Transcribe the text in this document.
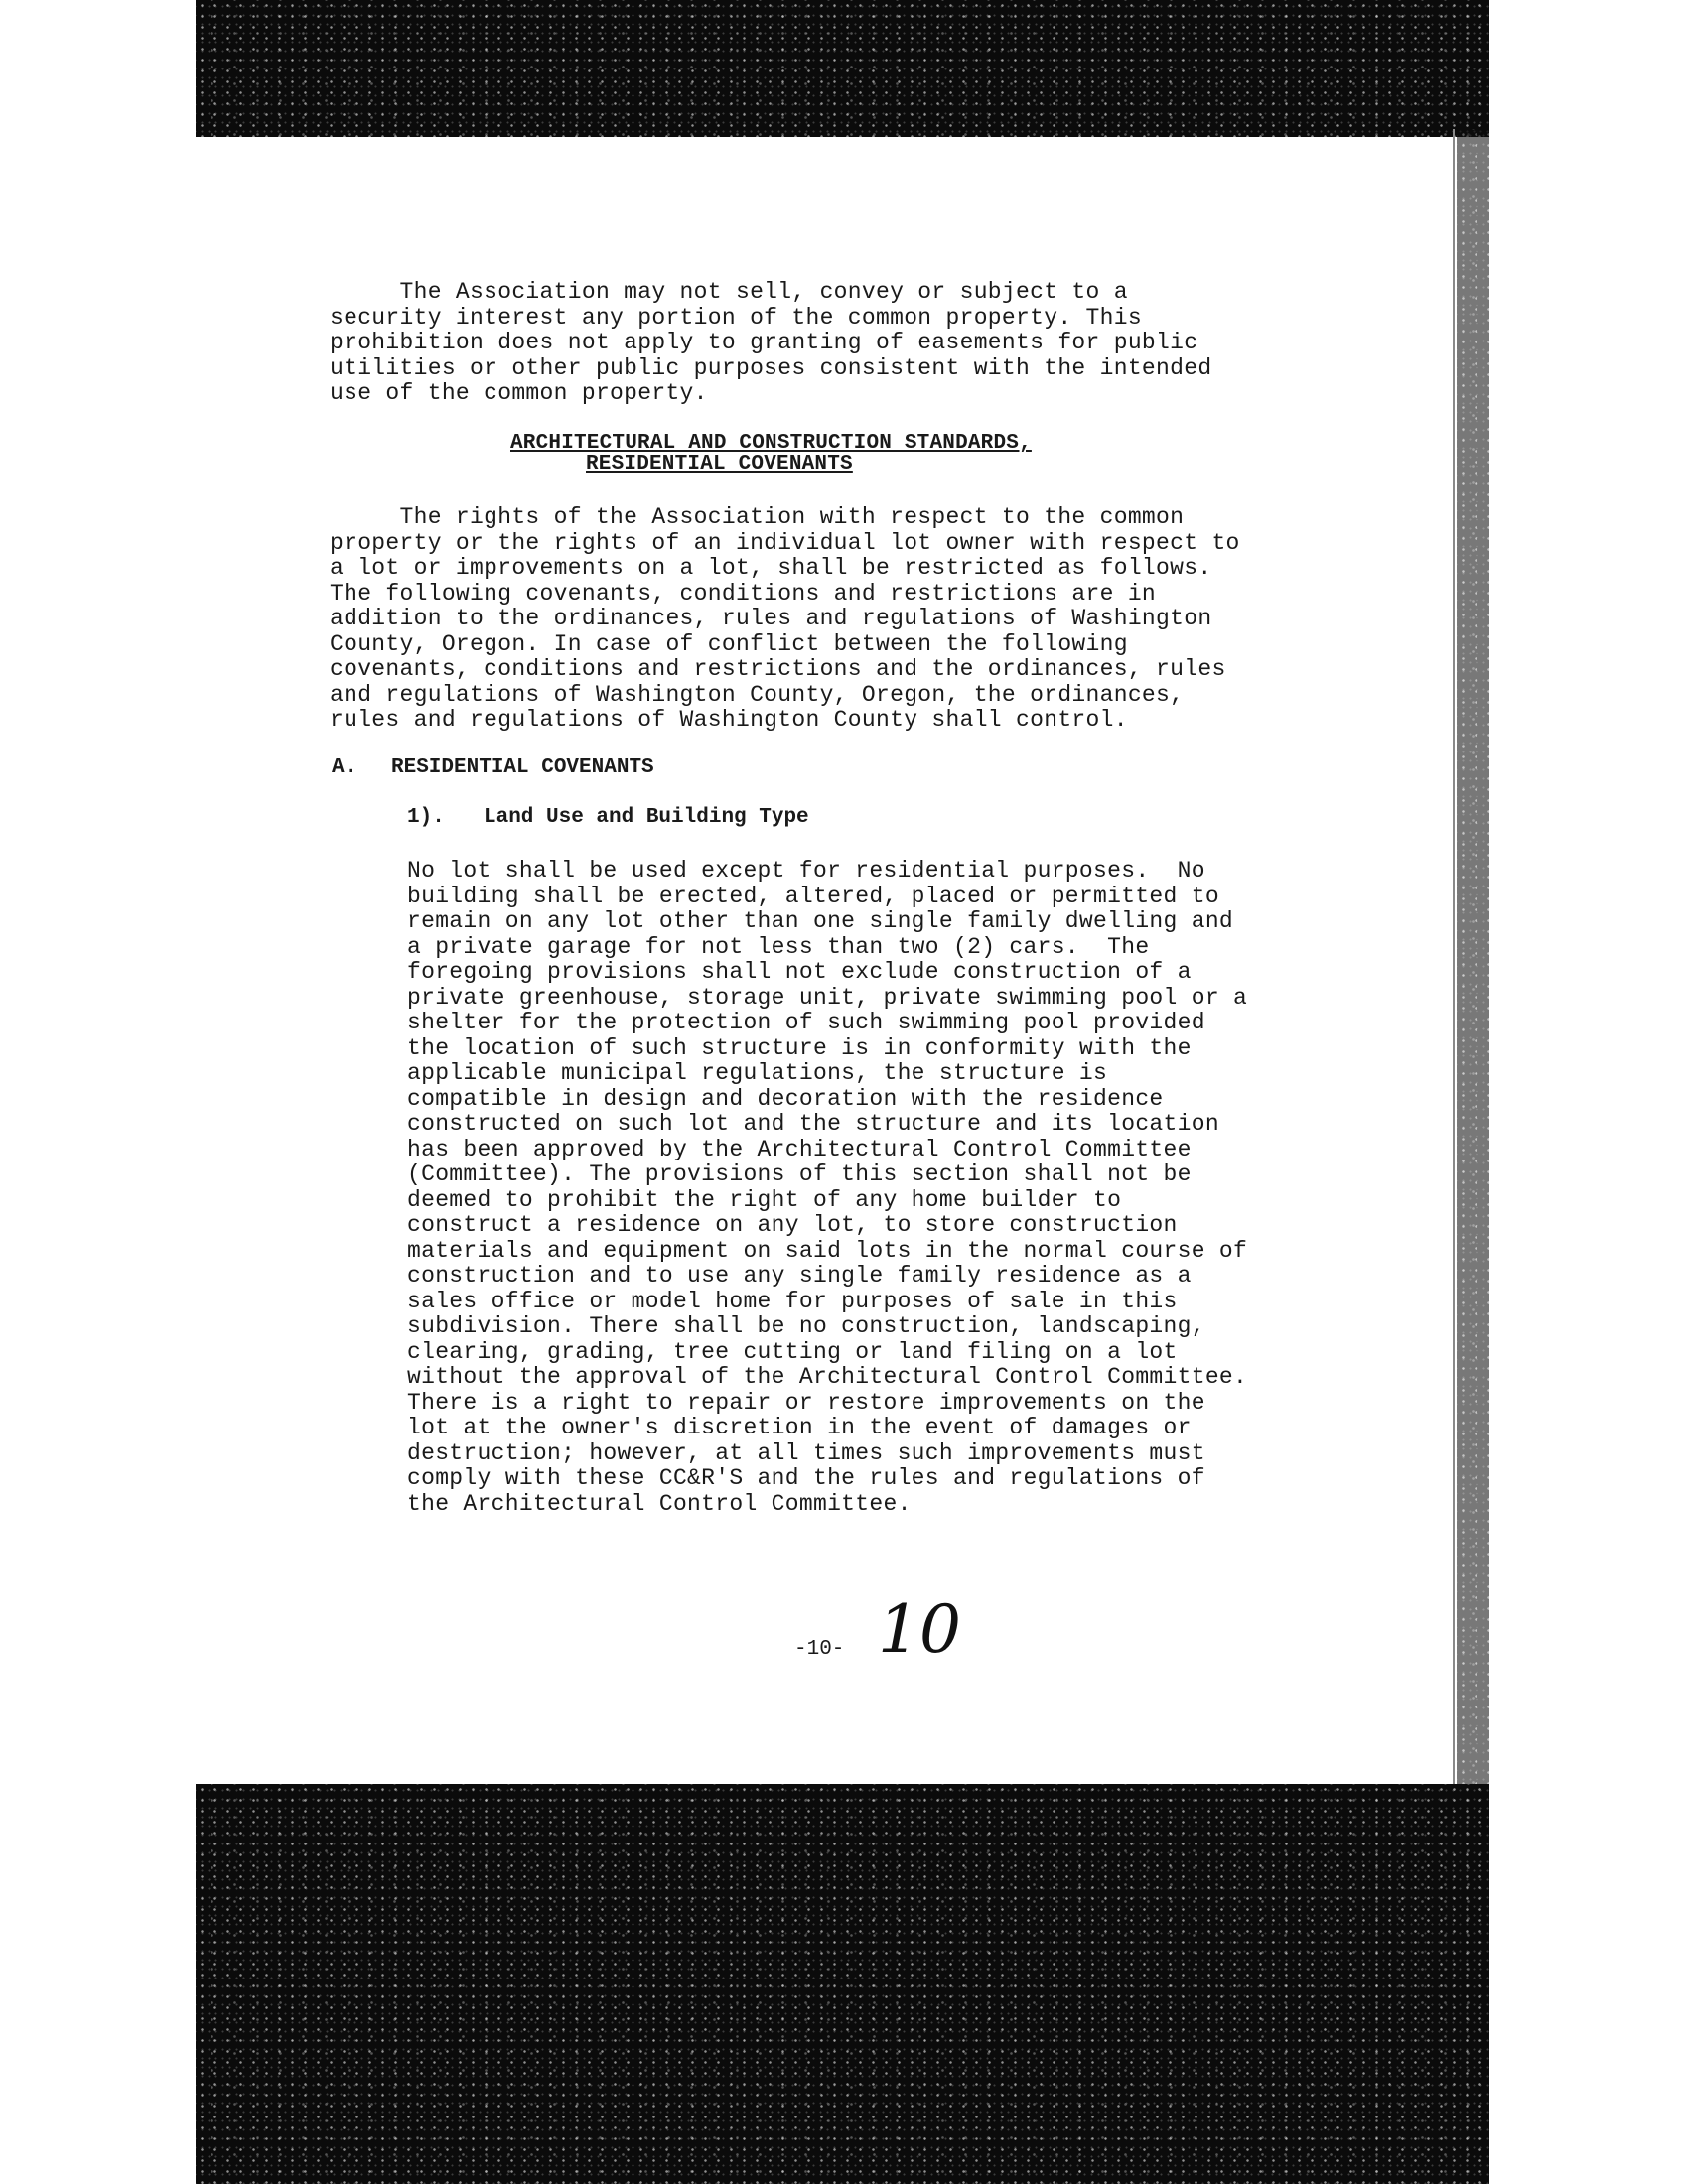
The Association may not sell, convey or subject to a
security interest any portion of the common property. This
prohibition does not apply to granting of easements for public
utilities or other public purposes consistent with the intended
use of the common property.

ARCHITECTURAL AND CONSTRUCTION STANDARDS,

RESIDENTIAL COVENANTS

The rights of the Association with respect to the common
property or the rights of an individual lot owner with respect to
a lot or improvements on a lot, shall be restricted as follows.
The following covenants, conditions and restrictions are in
addition to the ordinances, rules and regulations of Washington
County, Oregon. In case of conflict between the following
covenants, conditions and restrictions and the ordinances, rules
and regulations of Washington County, Oregon, the ordinances,
rules and regulations of Washington County shall control.

A. RESIDENTIAL COVENANTS

1). Land Use and Building Type

No lot shall be used except for residential purposes.  No
building shall be erected, altered, placed or permitted to
remain on any lot other than one single family dwelling and
a private garage for not less than two (2) cars.  The
foregoing provisions shall not exclude construction of a
private greenhouse, storage unit, private swimming pool or a
shelter for the protection of such swimming pool provided
the location of such structure is in conformity with the
applicable municipal regulations, the structure is
compatible in design and decoration with the residence
constructed on such lot and the structure and its location
has been approved by the Architectural Control Committee
(Committee). The provisions of this section shall not be
deemed to prohibit the right of any home builder to
construct a residence on any lot, to store construction
materials and equipment on said lots in the normal course of
construction and to use any single family residence as a
sales office or model home for purposes of sale in this
subdivision. There shall be no construction, landscaping,
clearing, grading, tree cutting or land filing on a lot
without the approval of the Architectural Control Committee.
There is a right to repair or restore improvements on the
lot at the owner's discretion in the event of damages or
destruction; however, at all times such improvements must
comply with these CC&R'S and the rules and regulations of
the Architectural Control Committee.

-10- 10
